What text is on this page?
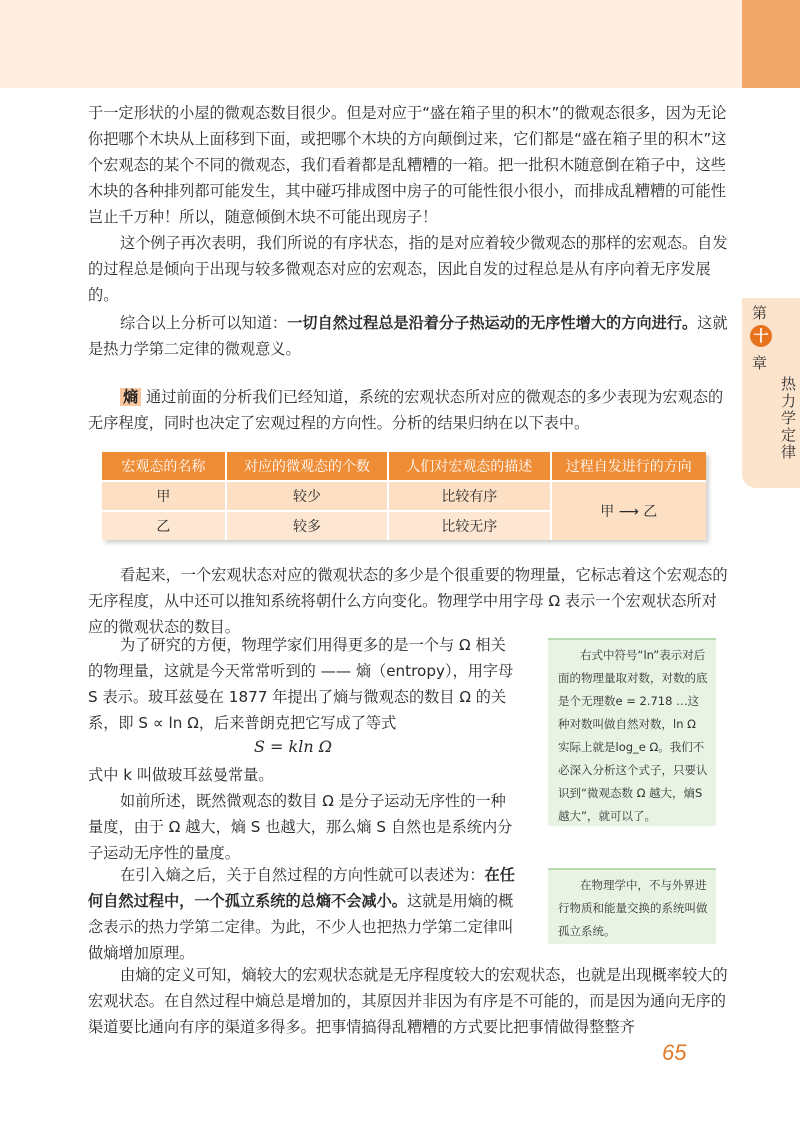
第
十
章
热力学定律

于一定形状的小屋的微观态数目很少。但是对应于“盛在箱子里的积木”的微观态很多，因为无论你把哪个木块从上面移到下面，或把哪个木块的方向颠倒过来，它们都是“盛在箱子里的积木”这个宏观态的某个不同的微观态，我们看着都是乱糟糟的一箱。把一批积木随意倒在箱子中，这些木块的各种排列都可能发生，其中碰巧排成图中房子的可能性很小很小，而排成乱糟糟的可能性岂止千万种！所以，随意倾倒木块不可能出现房子！

这个例子再次表明，我们所说的有序状态，指的是对应着较少微观态的那样的宏观态。自发的过程总是倾向于出现与较多微观态对应的宏观态，因此自发的过程总是从有序向着无序发展的。

综合以上分析可以知道：一切自然过程总是沿着分子热运动的无序性增大的方向进行。这就是热力学第二定律的微观意义。

熵 通过前面的分析我们已经知道，系统的宏观状态所对应的微观态的多少表现为宏观态的无序程度，同时也决定了宏观过程的方向性。分析的结果归纳在以下表中。

宏观态的名称	对应的微观态的个数	人们对宏观态的描述	过程自发进行的方向
甲	较少	比较有序	甲 ⟶ 乙
乙	较多	比较无序	

看起来，一个宏观状态对应的微观状态的多少是个很重要的物理量，它标志着这个宏观态的无序程度，从中还可以推知系统将朝什么方向变化。物理学中用字母 Ω 表示一个宏观状态所对应的微观状态的数目。

为了研究的方便，物理学家们用得更多的是一个与 Ω 相关的物理量，这就是今天常常听到的 —— 熵（entropy），用字母 S 表示。玻耳兹曼在 1877 年提出了熵与微观态的数目 Ω 的关系，即 S ∝ ln Ω，后来普朗克把它写成了等式

S = kln Ω

式中 k 叫做玻耳兹曼常量。

如前所述，既然微观态的数目 Ω 是分子运动无序性的一种量度，由于 Ω 越大，熵 S 也越大，那么熵 S 自然也是系统内分子运动无序性的量度。

在引入熵之后，关于自然过程的方向性就可以表述为：在任何自然过程中，一个孤立系统的总熵不会减小。这就是用熵的概念表示的热力学第二定律。为此，不少人也把热力学第二定律叫做熵增加原理。

由熵的定义可知，熵较大的宏观状态就是无序程度较大的宏观状态，也就是出现概率较大的宏观状态。在自然过程中熵总是增加的，其原因并非因为有序是不可能的，而是因为通向无序的渠道要比通向有序的渠道多得多。把事情搞得乱糟糟的方式要比把事情做得整整齐

右式中符号“ln”表示对后面的物理量取对数，对数的底是个无理数e = 2.718 …这种对数叫做自然对数，ln Ω 实际上就是log_e Ω。我们不必深入分析这个式子，只要认识到“微观态数 Ω 越大，熵S越大”，就可以了。

在物理学中，不与外界进行物质和能量交换的系统叫做孤立系统。

65
